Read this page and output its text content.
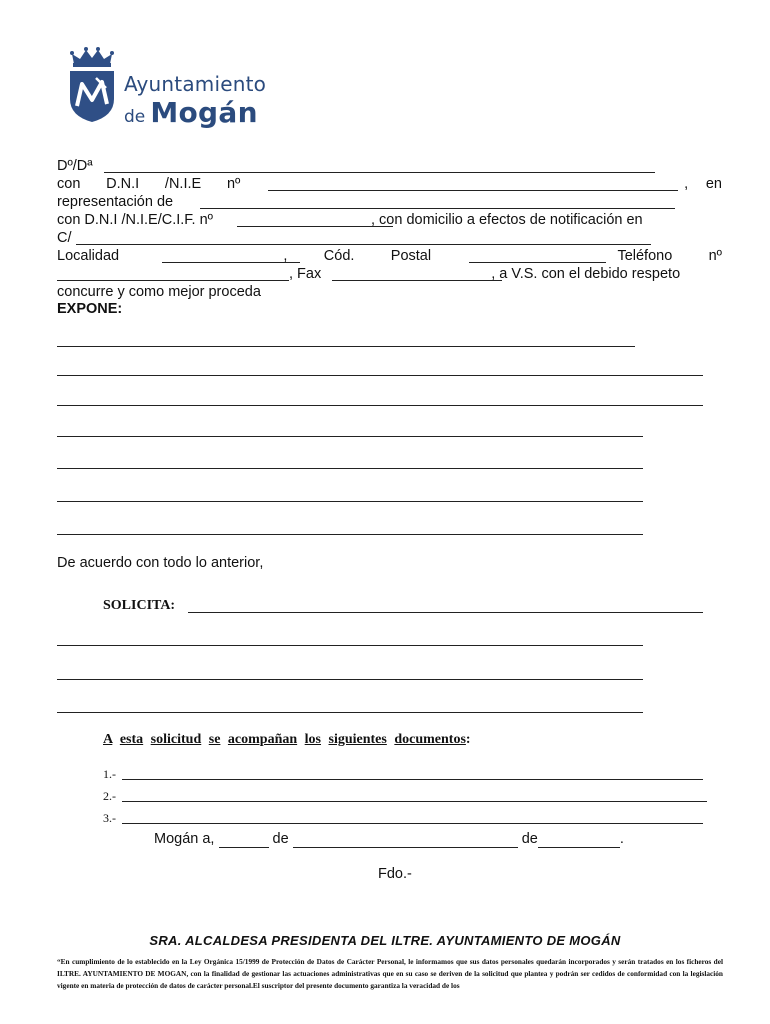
Ayuntamiento
de Mogán
Dº/Dª
con D.N.I /N.I.E nº	, en
representación de
con D.N.I /N.I.E/C.I.F. nº	, con domicilio a efectos de notificación en
C/
Localidad	,	Cód.	Postal	Teléfono	nº
, Fax	, a V.S. con el debido respeto
concurre y como mejor proceda
EXPONE:
De acuerdo con todo lo anterior,
SOLICITA:
A esta solicitud se acompañan los siguientes documentos:
1.-
2.-
3.-
Mogán a,	de	de	.
Fdo.-
SRA. ALCALDESA PRESIDENTA DEL ILTRE. AYUNTAMIENTO DE MOGÁN
“En cumplimiento de lo establecido en la Ley Orgánica 15/1999 de Protección de Datos de Carácter Personal, le informamos que sus datos personales quedarán incorporados y serán tratados en los ficheros del ILTRE. AYUNTAMIENTO DE MOGAN, con la finalidad de gestionar las actuaciones administrativas que en su caso se deriven de la solicitud que plantea y podrán ser cedidos de conformidad con la legislación vigente en materia de protección de datos de carácter personal.El suscriptor del presente documento garantiza la veracidad de los
